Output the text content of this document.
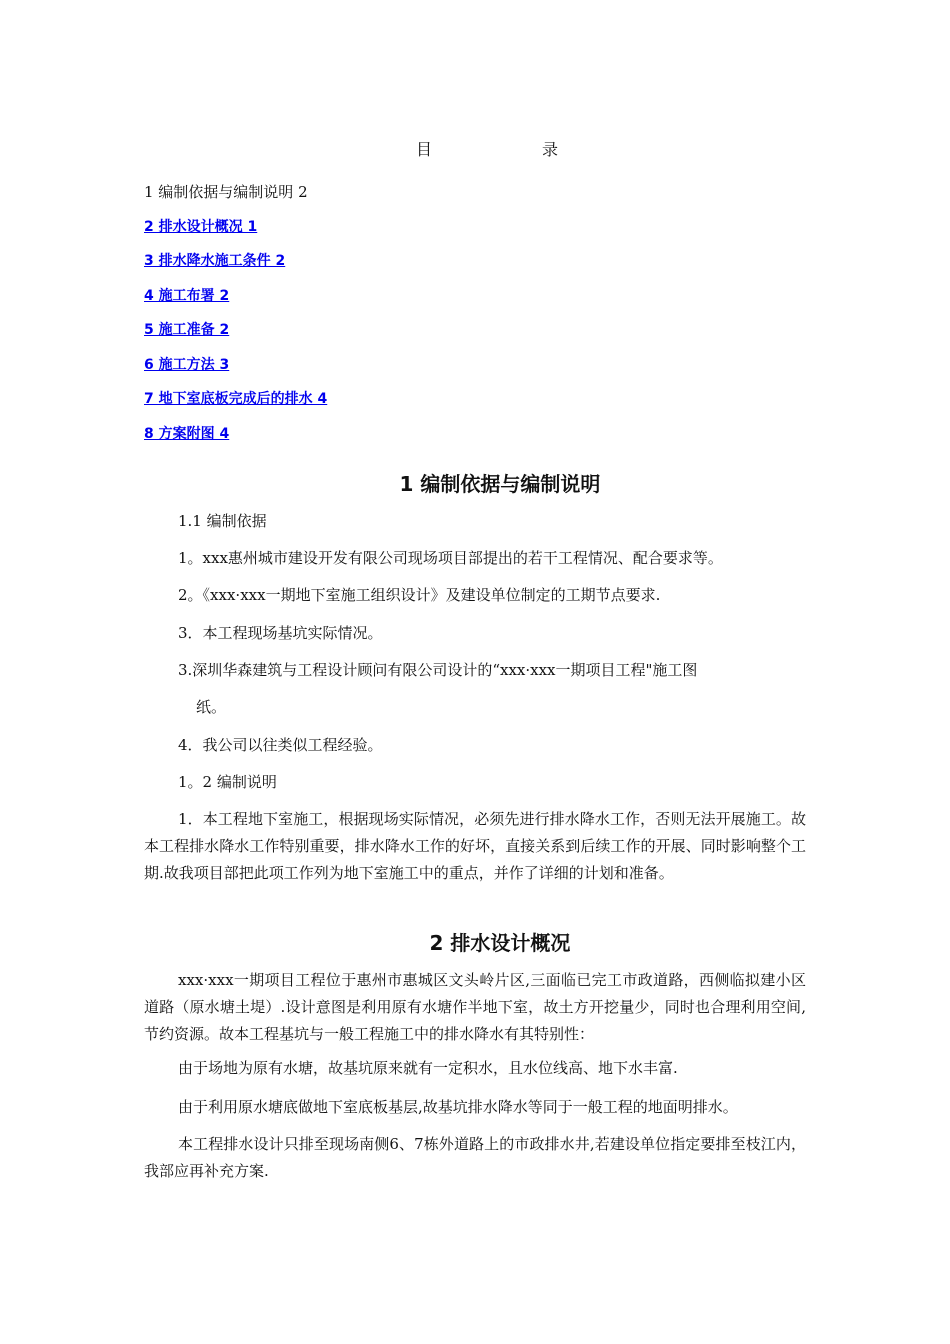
目　　录
1 编制依据与编制说明 2
2 排水设计概况 1
3 排水降水施工条件 2
4 施工布署 2
5 施工准备 2
6 施工方法 3
7 地下室底板完成后的排水 4
8 方案附图 4
1 编制依据与编制说明
1.1 编制依据
1。xxx惠州城市建设开发有限公司现场项目部提出的若干工程情况、配合要求等。
2。《xxx·xxx一期地下室施工组织设计》及建设单位制定的工期节点要求.
3．本工程现场基坑实际情况。
3.深圳华森建筑与工程设计顾问有限公司设计的“xxx·xxx一期项目工程"施工图
纸。
4．我公司以往类似工程经验。
1。2 编制说明
1．本工程地下室施工，根据现场实际情况，必须先进行排水降水工作，否则无法开展施工。故本工程排水降水工作特别重要，排水降水工作的好坏，直接关系到后续工作的开展、同时影响整个工期.故我项目部把此项工作列为地下室施工中的重点，并作了详细的计划和准备。
2 排水设计概况
xxx·xxx一期项目工程位于惠州市惠城区文头岭片区,三面临已完工市政道路，西侧临拟建小区道路（原水塘土堤）.设计意图是利用原有水塘作半地下室，故土方开挖量少，同时也合理利用空间,节约资源。故本工程基坑与一般工程施工中的排水降水有其特别性：
由于场地为原有水塘，故基坑原来就有一定积水，且水位线高、地下水丰富.
由于利用原水塘底做地下室底板基层,故基坑排水降水等同于一般工程的地面明排水。
本工程排水设计只排至现场南侧6、7栋外道路上的市政排水井,若建设单位指定要排至枝江内，我部应再补充方案.
